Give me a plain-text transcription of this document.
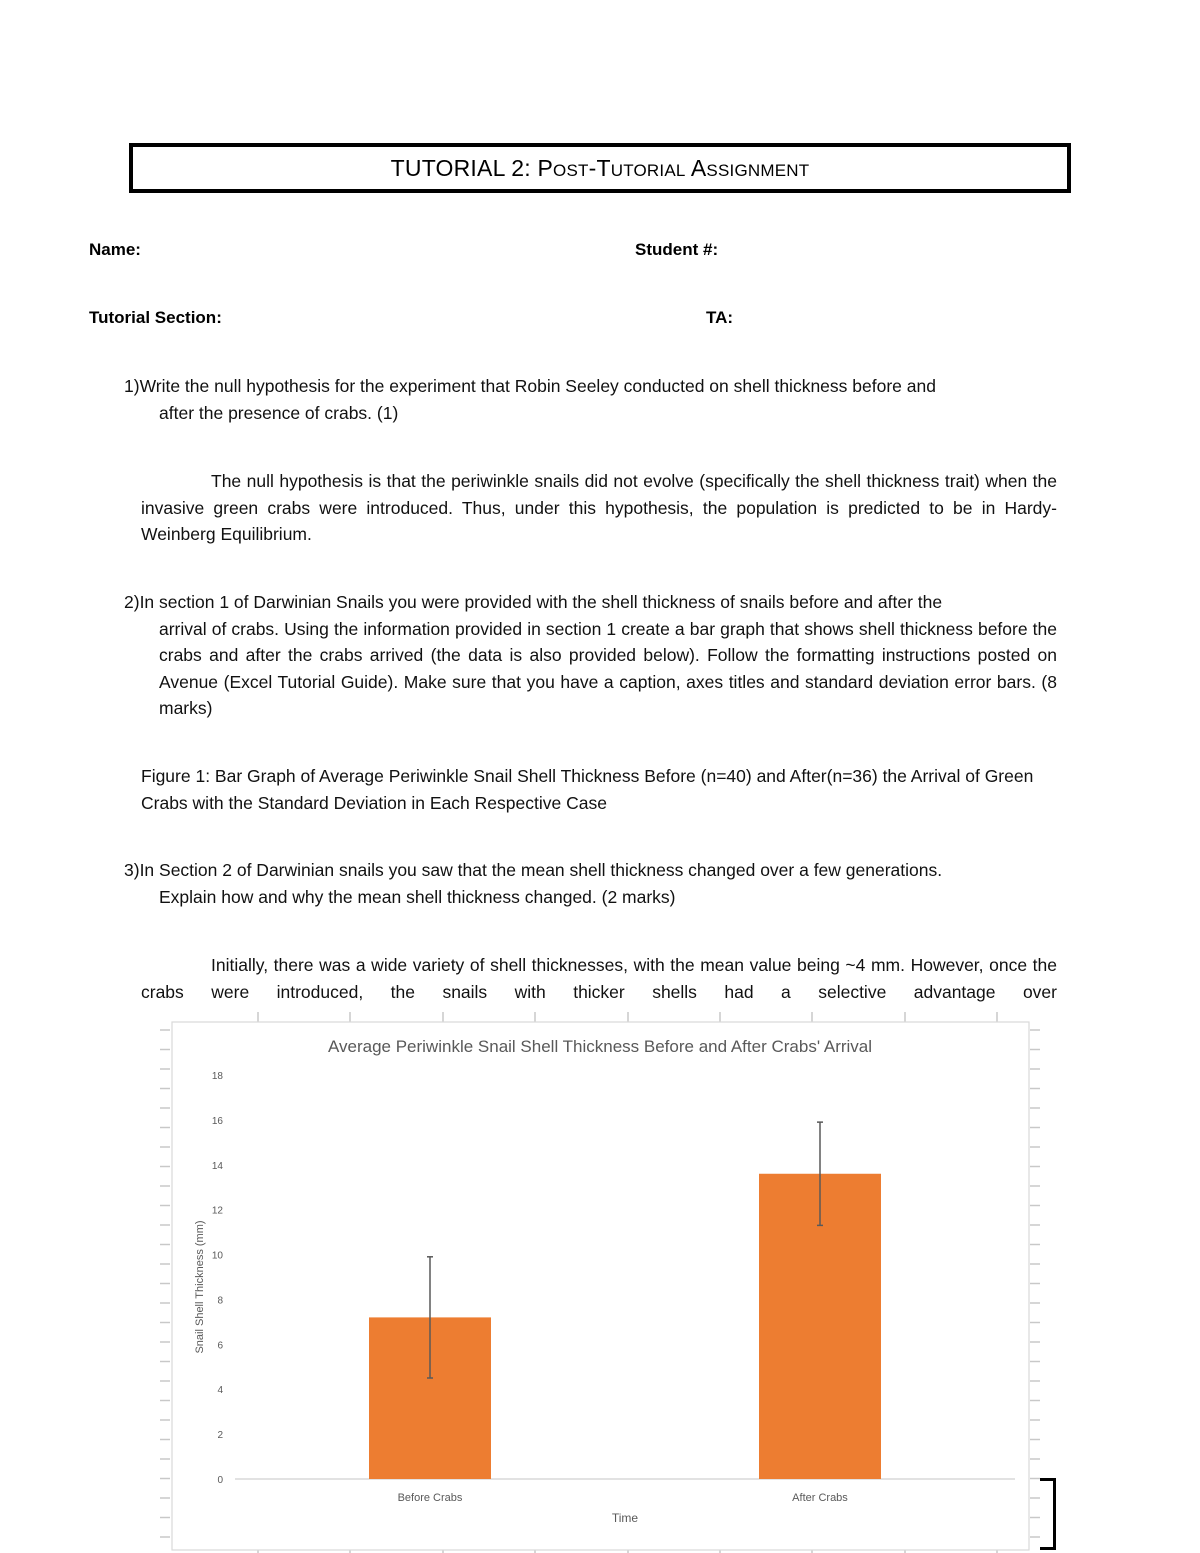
TUTORIAL 2: POST-TUTORIAL ASSIGNMENT
Name:	Student #:
Tutorial Section:	TA:
1)Write the null hypothesis for the experiment that Robin Seeley conducted on shell thickness before and
after the presence of crabs. (1)
The null hypothesis is that the periwinkle snails did not evolve (specifically the shell thickness trait) when the invasive green crabs were introduced. Thus, under this hypothesis, the population is predicted to be in Hardy-Weinberg Equilibrium.
2)In section 1 of Darwinian Snails you were provided with the shell thickness of snails before and after the
arrival of crabs. Using the information provided in section 1 create a bar graph that shows shell thickness before the crabs and after the crabs arrived (the data is also provided below). Follow the formatting instructions posted on Avenue (Excel Tutorial Guide). Make sure that you have a caption, axes titles and standard deviation error bars. (8 marks)
Figure 1: Bar Graph of Average Periwinkle Snail Shell Thickness Before (n=40) and After(n=36) the Arrival of Green Crabs with the Standard Deviation in Each Respective Case
3)In Section 2 of Darwinian snails you saw that the mean shell thickness changed over a few generations.
Explain how and why the mean shell thickness changed. (2 marks)
Initially, there was a wide variety of shell thicknesses, with the mean value being ~4 mm. However, once the crabs were introduced, the snails with thicker shells had a selective advantage over
Average Periwinkle Snail Shell Thickness Before and After Crabs' Arrival
0
2
4
6
8
10
12
14
16
18
Snail Shell Thickness (mm)
Before Crabs	After Crabs
Time
